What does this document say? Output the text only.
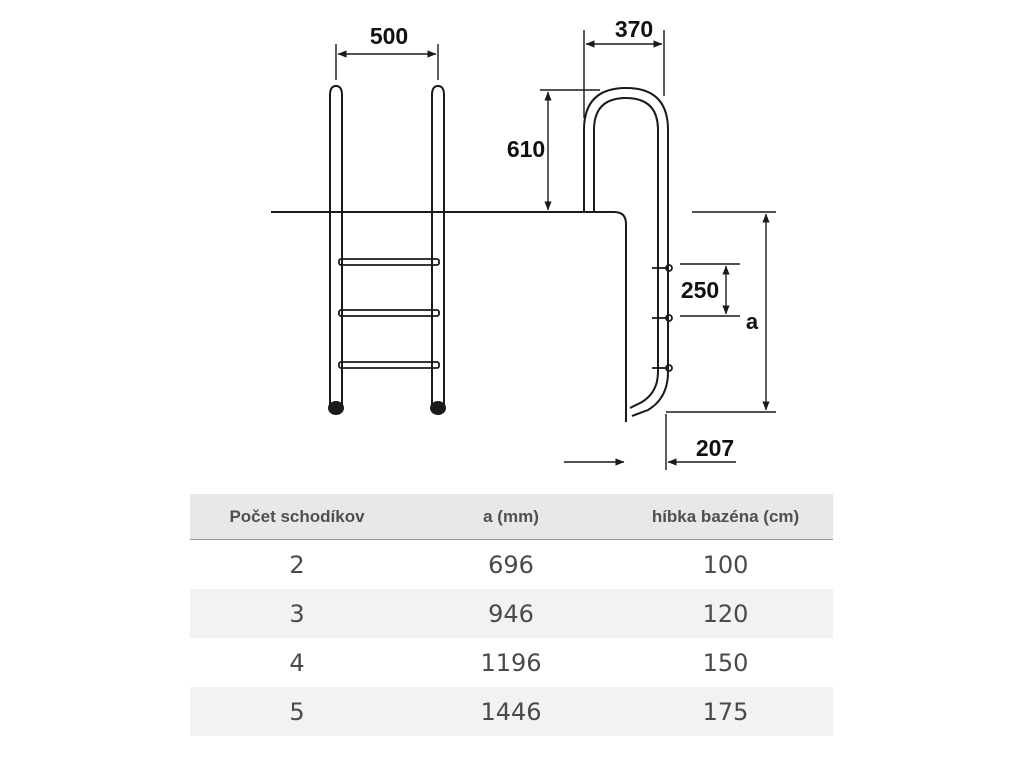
500	370
610
250
a
207
Počet schodíkov	a (mm)	híbka bazéna (cm)
2	696	100
3	946	120
4	1196	150
5	1446	175
